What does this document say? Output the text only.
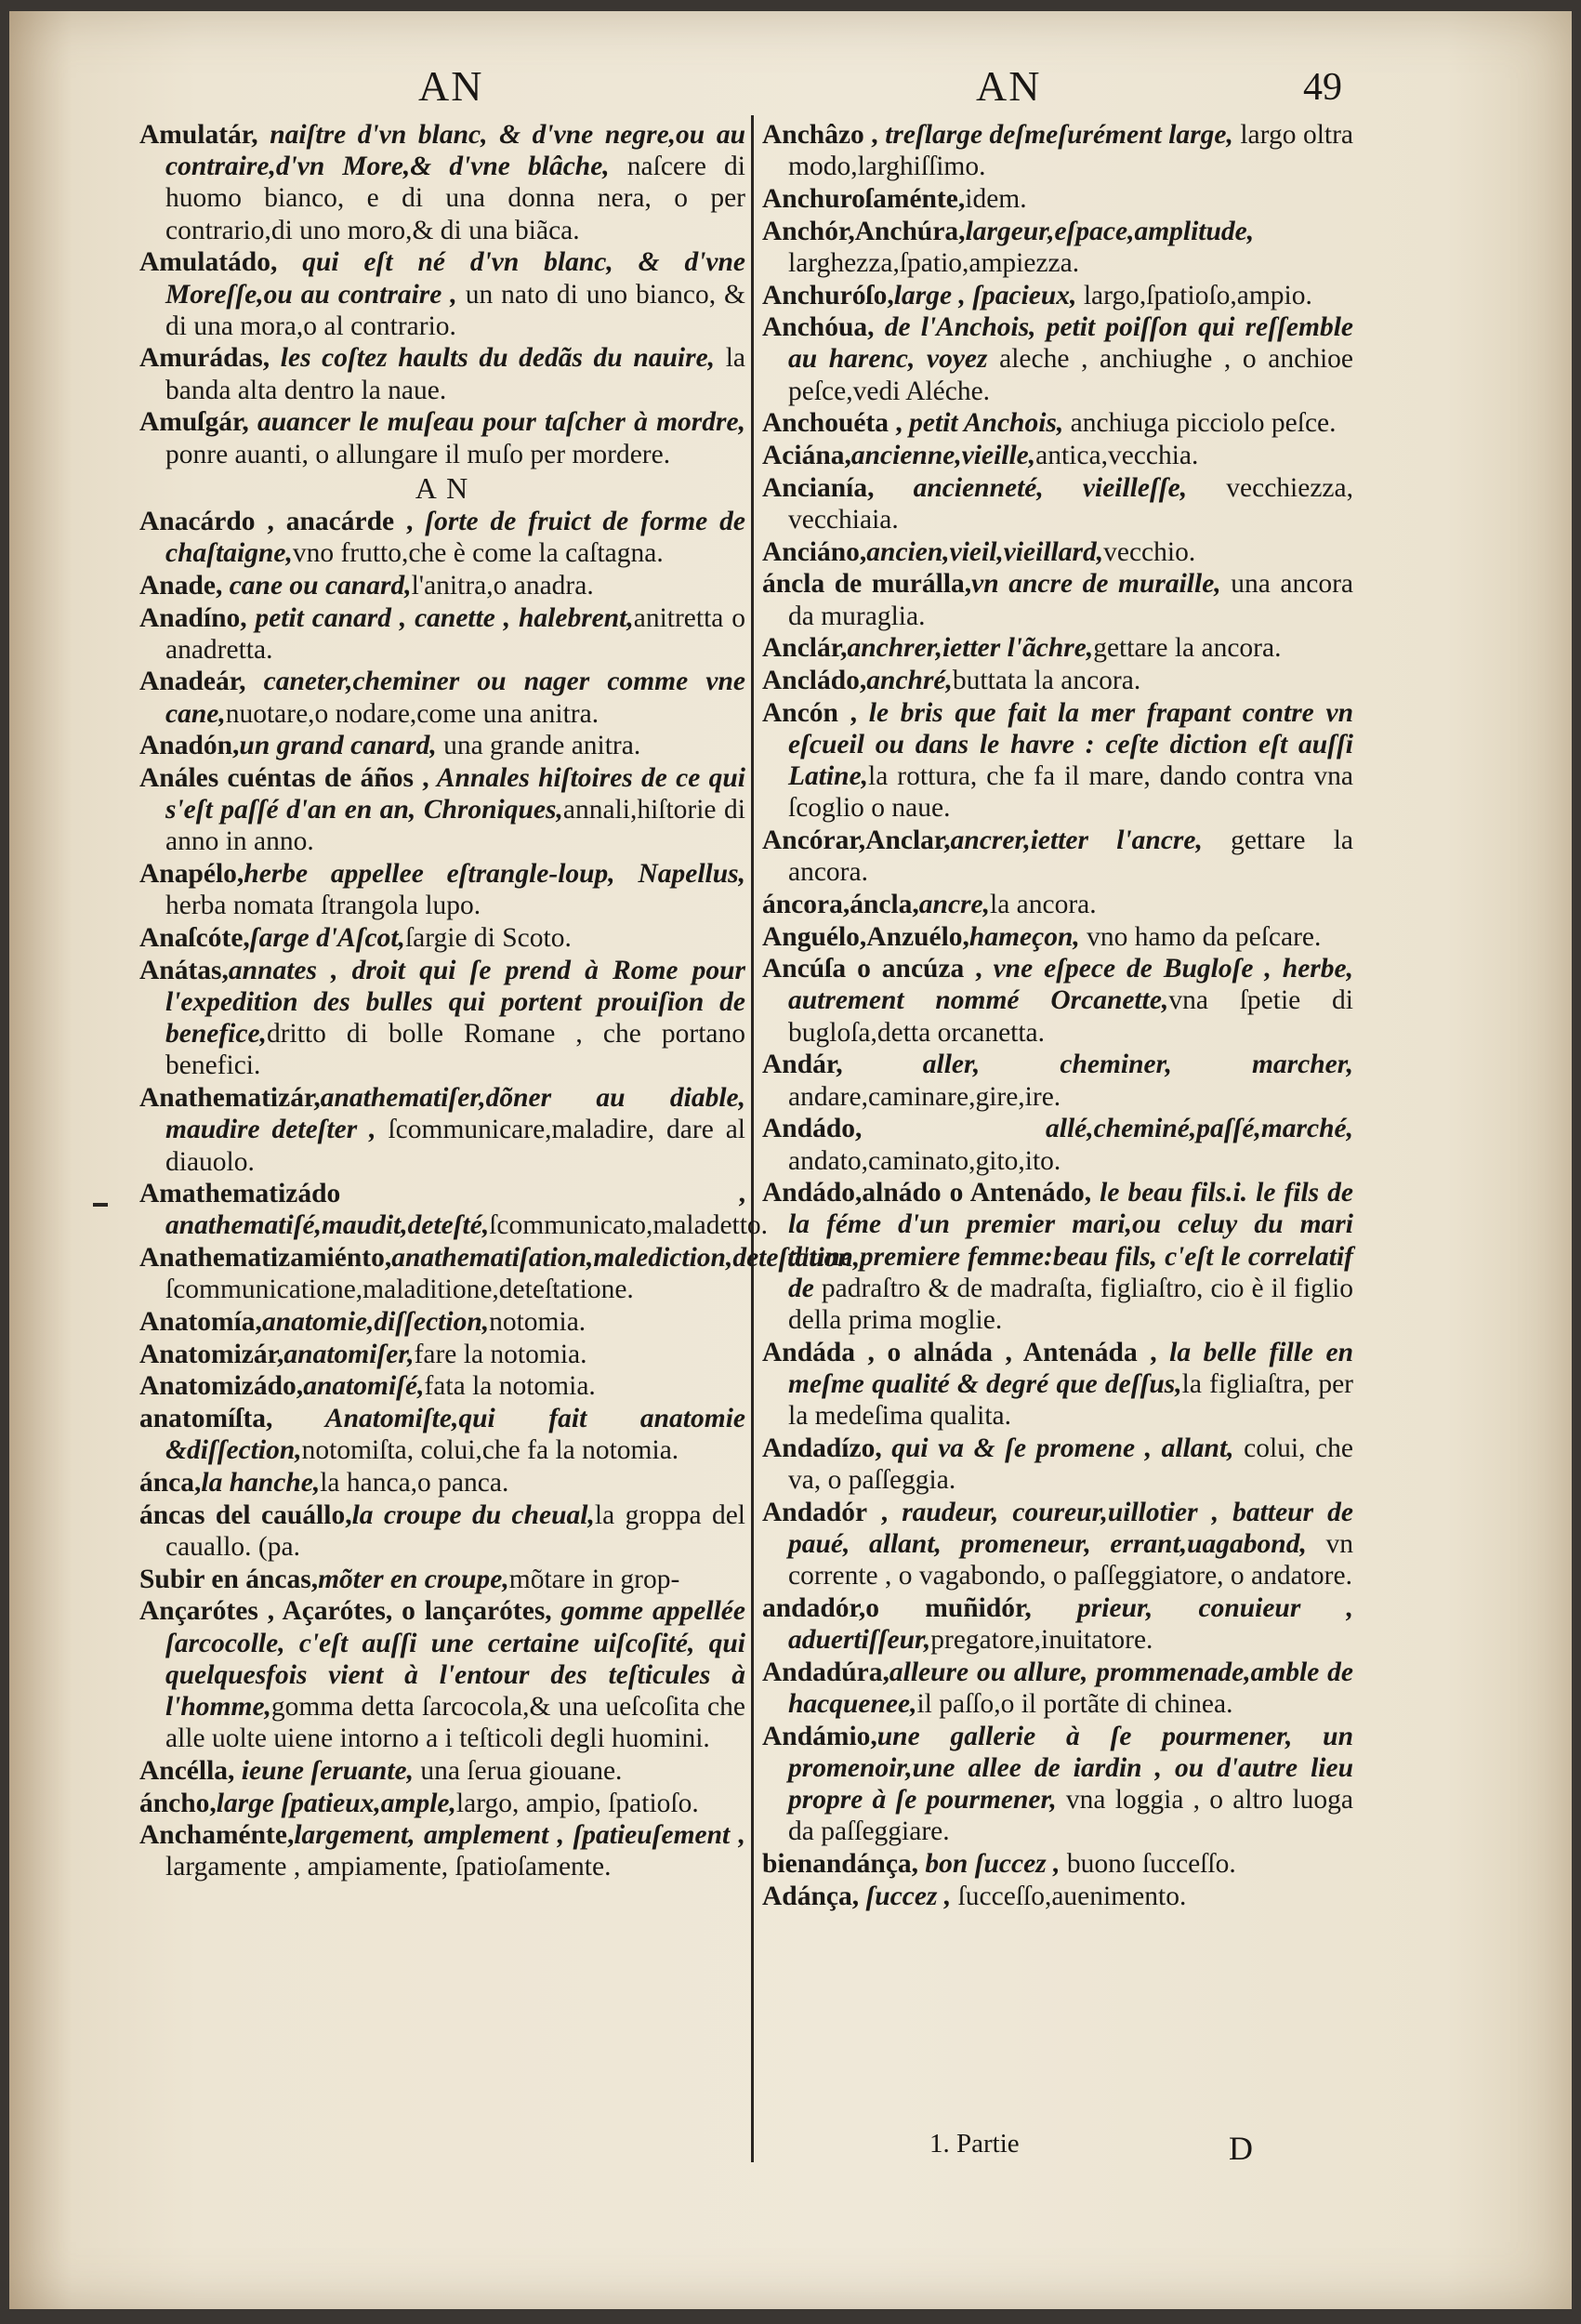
AN	AN	49
Amulatár, naiſtre d'vn blanc, & d'vne negre,ou au contraire,d'vn More,& d'vne blâche, naſcere di huomo bianco, e di una donna nera, o per contrario,di uno moro,& di una biãca.
Amulatádo, qui eſt né d'vn blanc, & d'vne Moreſſe,ou au contraire , un nato di uno bianco, & di una mora,o al contrario.
Amurádas, les coſtez haults du dedãs du nauire, la banda alta dentro la naue.
Amuſgár, auancer le muſeau pour taſcher à mordre, ponre auanti, o allungare il muſo per mordere.
A N
Anacárdo , anacárde , ſorte de fruict de forme de chaſtaigne,vno frutto,che è come la caſtagna.
Anade, cane ou canard,l'anitra,o anadra.
Anadíno, petit canard , canette , halebrent,anitretta o anadretta.
Anadeár, caneter,cheminer ou nager comme vne cane,nuotare,o nodare,come una anitra.
Anadón,un grand canard, una grande anitra.
Análes cuéntas de áños , Annales hiſtoires de ce qui s'eſt paſſé d'an en an, Chroniques,annali,hiſtorie di anno in anno.
Anapélo,herbe appellee eſtrangle-loup, Napellus, herba nomata ſtrangola lupo.
Anaſcóte,ſarge d'Aſcot,ſargie di Scoto.
Anátas,annates , droit qui ſe prend à Rome pour l'expedition des bulles qui portent prouiſion de benefice,dritto di bolle Romane , che portano benefici.
Anathematizár,anathematiſer,dõner au diable, maudire deteſter , ſcommunicare,maladire, dare al diauolo.
Amathematizádo , anathematiſé,maudit,deteſté,ſcommunicato,maladetto.
Anathematizamiénto,anathematiſation,malediction,deteſtation, ſcommunicatione,maladitione,deteſtatione.
Anatomía,anatomie,diſſection,notomia.
Anatomizár,anatomiſer,fare la notomia.
Anatomizádo,anatomiſé,fata la notomia.
anatomíſta, Anatomiſte,qui fait anatomie &diſſection,notomiſta, colui,che fa la notomia.
ánca,la hanche,la hanca,o panca.
áncas del cauállo,la croupe du cheual,la groppa del cauallo. (pa.
Subir en áncas,mõter en croupe,mõtare in grop-
Ançarótes , Açarótes, o lançarótes, gomme appellée ſarcocolle, c'eſt auſſi une certaine uiſcoſité, qui quelquesfois vient à l'entour des teſticules à l'homme,gomma detta ſarcocola,& una ueſcoſita che alle uolte uiene intorno a i teſticoli degli huomini.
Ancélla, ieune ſeruante, una ſerua giouane.
áncho,large ſpatieux,ample,largo, ampio, ſpatioſo.
Anchaménte,largement, amplement , ſpatieuſement , largamente , ampiamente, ſpatioſamente.
Anchâzo , treſlarge deſmeſurément large, largo oltra modo,larghiſſimo.
Anchuroſaménte,idem.
Anchór,Anchúra,largeur,eſpace,amplitude, larghezza,ſpatio,ampiezza.
Anchuróſo,large , ſpacieux, largo,ſpatioſo,ampio.
Anchóua, de l'Anchois, petit poiſſon qui reſſemble au harenc, voyez aleche , anchiughe , o anchioe peſce,vedi Aléche.
Anchouéta , petit Anchois, anchiuga picciolo peſce.
Aciána,ancienne,vieille,antica,vecchia.
Ancianía, ancienneté, vieilleſſe, vecchiezza, vecchiaia.
Anciáno,ancien,vieil,vieillard,vecchio.
áncla de murálla,vn ancre de muraille, una ancora da muraglia.
Anclár,anchrer,ietter l'ãchre,gettare la ancora.
Ancládo,anchré,buttata la ancora.
Ancón , le bris que fait la mer frapant contre vn eſcueil ou dans le havre : ceſte diction eſt auſſi Latine,la rottura, che fa il mare, dando contra vna ſcoglio o naue.
Ancórar,Anclar,ancrer,ietter l'ancre, gettare la ancora.
áncora,áncla,ancre,la ancora.
Anguélo,Anzuélo,hameçon, vno hamo da peſcare.
Ancúſa o ancúza , vne eſpece de Bugloſe , herbe, autrement nommé Orcanette,vna ſpetie di bugloſa,detta orcanetta.
Andár, aller, cheminer, marcher, andare,caminare,gire,ire.
Andádo, allé,cheminé,paſſé,marché, andato,caminato,gito,ito.
Andádo,alnádo o Antenádo, le beau fils.i. le fils de la féme d'un premier mari,ou celuy du mari d'une premiere femme:beau fils, c'eſt le correlatif de padraſtro & de madraſta, figliaſtro, cio è il figlio della prima moglie.
Andáda , o alnáda , Antenáda , la belle fille en meſme qualité & degré que deſſus,la figliaſtra, per la medeſima qualita.
Andadízo, qui va & ſe promene , allant, colui, che va, o paſſeggia.
Andadór , raudeur, coureur,uillotier , batteur de paué, allant, promeneur, errant,uagabond, vn corrente , o vagabondo, o paſſeggiatore, o andatore.
andadór,o muñidór, prieur, conuieur , aduertiſſeur,pregatore,inuitatore.
Andadúra,alleure ou allure, prommenade,amble de hacquenee,il paſſo,o il portãte di chinea.
Andámio,une gallerie à ſe pourmener, un promenoir,une allee de iardin , ou d'autre lieu propre à ſe pourmener, vna loggia , o altro luoga da paſſeggiare.
bienandánça, bon ſuccez , buono ſucceſſo.
Adánça, ſuccez , ſucceſſo,auenimento.
1. Partie	D
